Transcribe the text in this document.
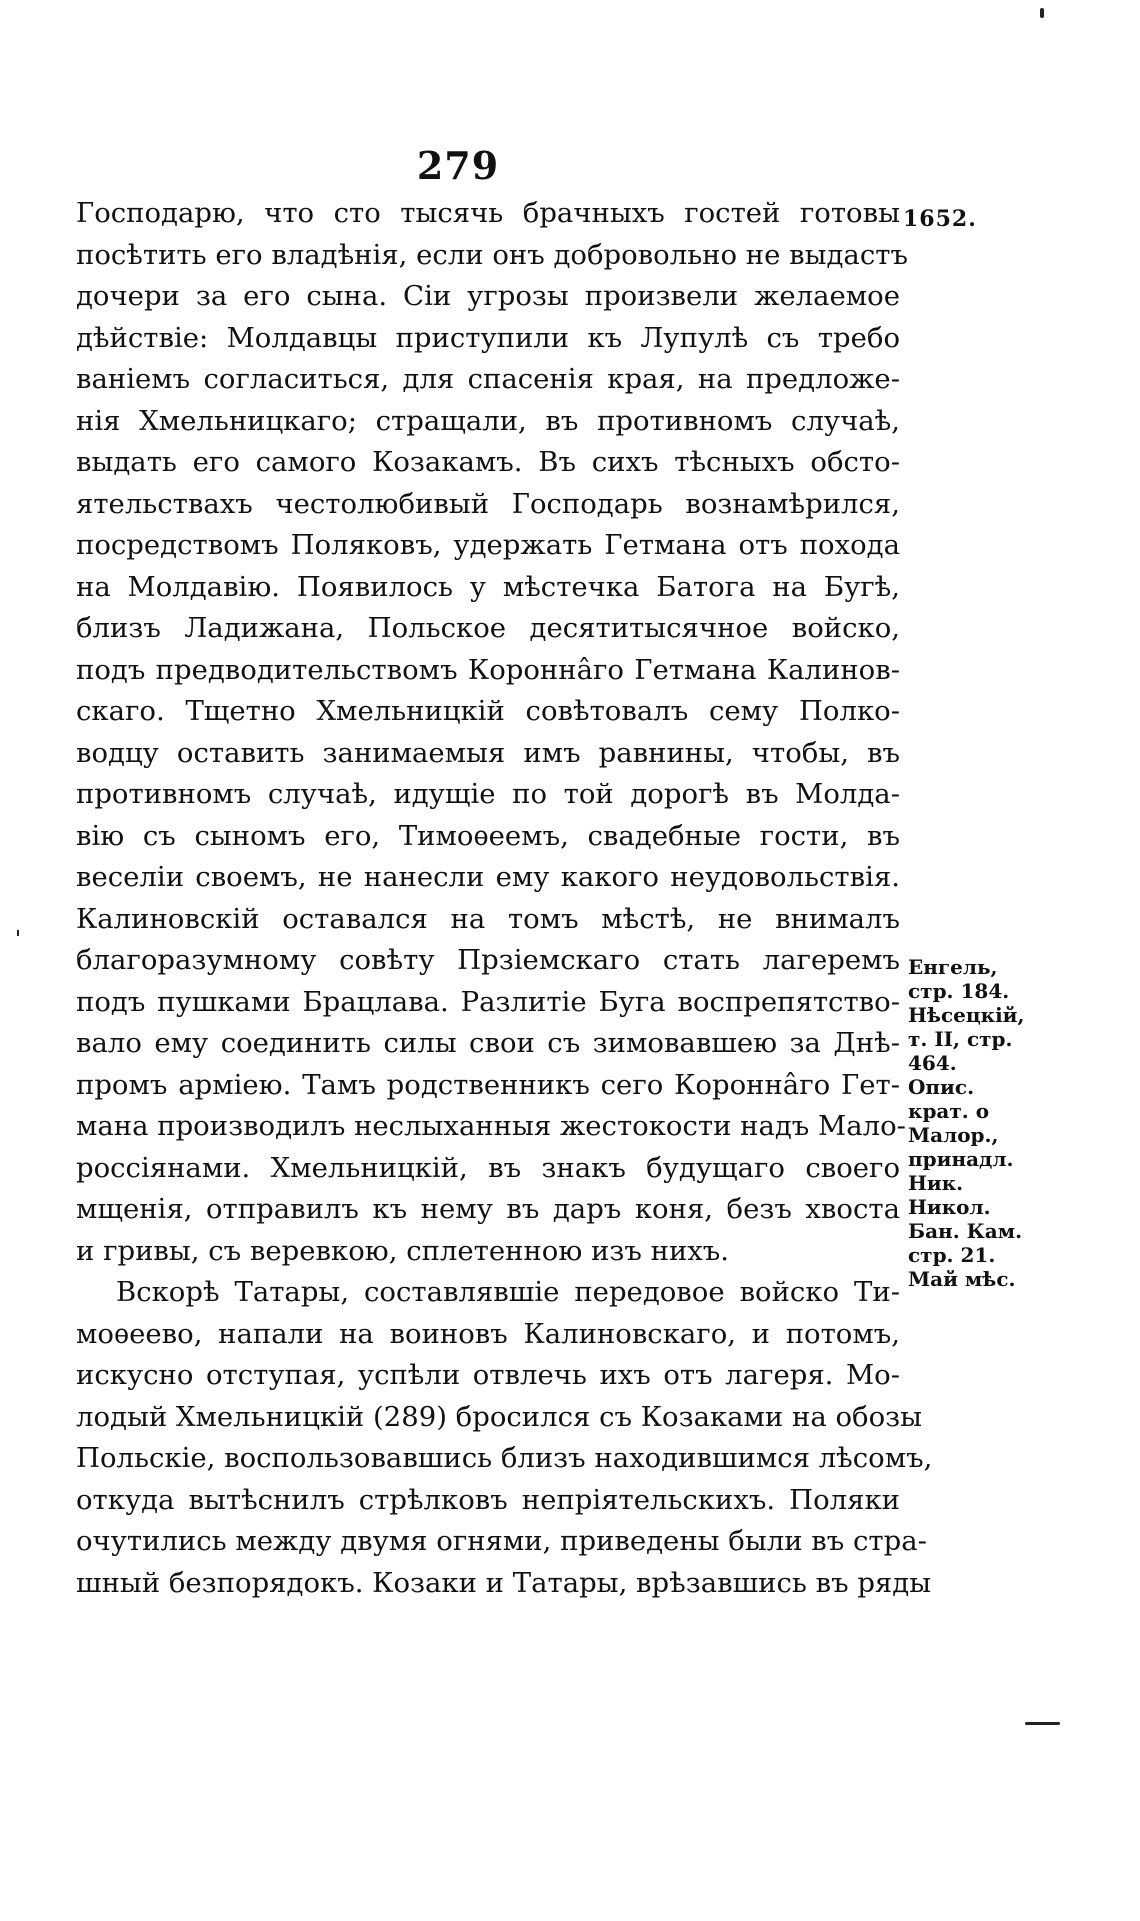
279
1652.
Господарю, что сто тысячь брачныхъ гостей готовы
посѣтить его владѣнія, если онъ добровольно не выдастъ
дочери за его сына. Сіи угрозы произвели желаемое
дѣйствіе: Молдавцы приступили къ Лупулѣ съ требо
ваніемъ согласиться, для спасенія края, на предложе-
нія Хмельницкаго; стращали, въ противномъ случаѣ,
выдать его самого Козакамъ. Въ сихъ тѣсныхъ обсто-
ятельствахъ честолюбивый Господарь вознамѣрился,
посредствомъ Поляковъ, удержать Гетмана отъ похода
на Молдавію. Появилось у мѣстечка Батога на Бугѣ,
близъ Ладижана, Польское десятитысячное войско,
подъ предводительствомъ Коронна̂го Гетмана Калинов-
скаго. Тщетно Хмельницкій совѣтовалъ сему Полко-
водцу оставить занимаемыя имъ равнины, чтобы, въ
противномъ случаѣ, идущіе по той дорогѣ въ Молда-
вію съ сыномъ его, Тимоѳеемъ, свадебные гости, въ
веселіи своемъ, не нанесли ему какого неудовольствія.
Калиновскій оставался на томъ мѣстѣ, не внималъ
благоразумному совѣту Прзіемскаго стать лагеремъ
подъ пушками Брацлава. Разлитіе Буга воспрепятство-
вало ему соединить силы свои съ зимовавшею за Днѣ-
промъ арміею. Тамъ родственникъ сего Коронна̂го Гет-
мана производилъ неслыханныя жестокости надъ Мало-
россіянами. Хмельницкій, въ знакъ будущаго своего
мщенія, отправилъ къ нему въ даръ коня, безъ хвоста
и гривы, съ веревкою, сплетенною изъ нихъ.
Вскорѣ Татары, составлявшіе передовое войско Ти-
моѳеево, напали на воиновъ Калиновскаго, и потомъ,
искусно отступая, успѣли отвлечь ихъ отъ лагеря. Мо-
лодый Хмельницкій (289) бросился съ Козаками на обозы
Польскіе, воспользовавшись близъ находившимся лѣсомъ,
откуда вытѣснилъ стрѣлковъ непріятельскихъ. Поляки
очутились между двумя огнями, приведены были въ стра-
шный безпорядокъ. Козаки и Татары, врѣзавшись въ ряды
Енгель,
стр. 184.
Нѣсецкій,
т. II, стр.
464.
Опис.
крат. о
Малор.,
принадл.
Ник.
Никол.
Бан. Кам.
стр. 21.
Май мѣс.
